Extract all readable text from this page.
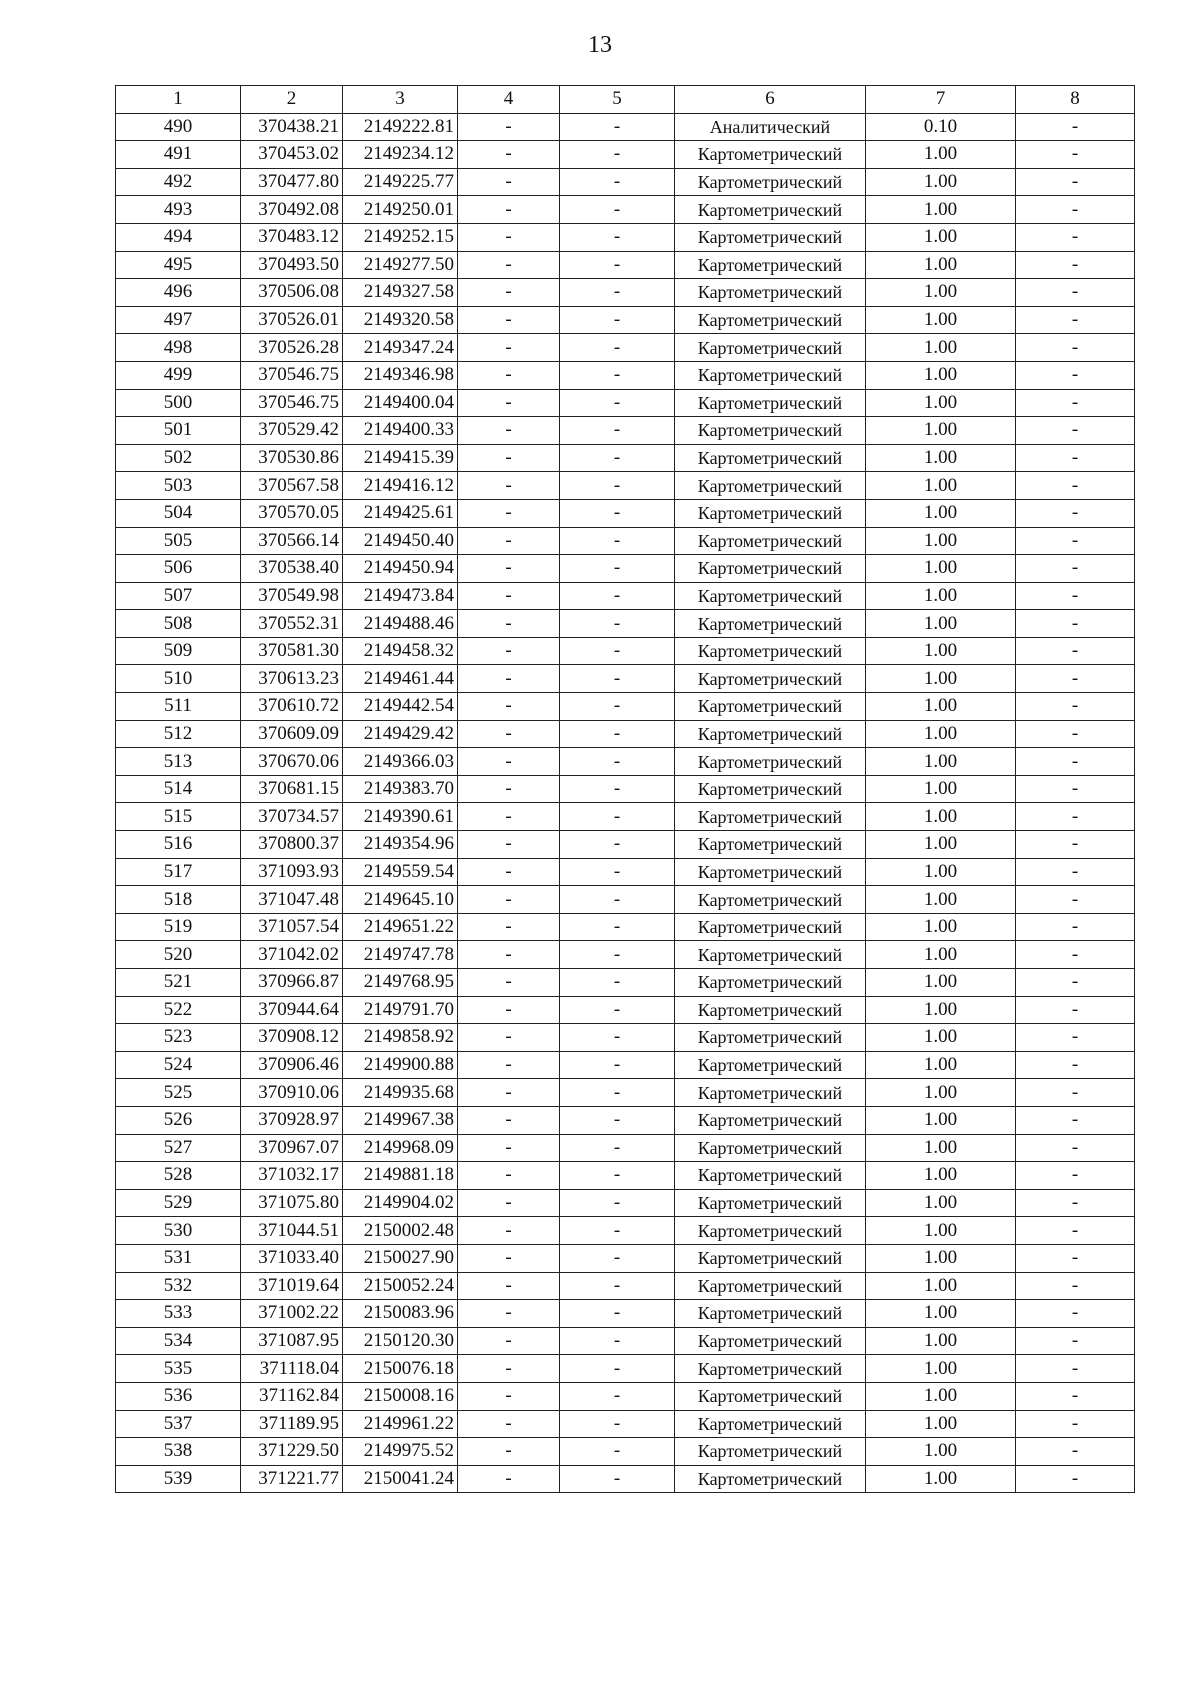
13
1	2	3	4	5	6	7	8
490	370438.21	2149222.81	-	-	Аналитический	0.10	-
491	370453.02	2149234.12	-	-	Картометрический	1.00	-
492	370477.80	2149225.77	-	-	Картометрический	1.00	-
493	370492.08	2149250.01	-	-	Картометрический	1.00	-
494	370483.12	2149252.15	-	-	Картометрический	1.00	-
495	370493.50	2149277.50	-	-	Картометрический	1.00	-
496	370506.08	2149327.58	-	-	Картометрический	1.00	-
497	370526.01	2149320.58	-	-	Картометрический	1.00	-
498	370526.28	2149347.24	-	-	Картометрический	1.00	-
499	370546.75	2149346.98	-	-	Картометрический	1.00	-
500	370546.75	2149400.04	-	-	Картометрический	1.00	-
501	370529.42	2149400.33	-	-	Картометрический	1.00	-
502	370530.86	2149415.39	-	-	Картометрический	1.00	-
503	370567.58	2149416.12	-	-	Картометрический	1.00	-
504	370570.05	2149425.61	-	-	Картометрический	1.00	-
505	370566.14	2149450.40	-	-	Картометрический	1.00	-
506	370538.40	2149450.94	-	-	Картометрический	1.00	-
507	370549.98	2149473.84	-	-	Картометрический	1.00	-
508	370552.31	2149488.46	-	-	Картометрический	1.00	-
509	370581.30	2149458.32	-	-	Картометрический	1.00	-
510	370613.23	2149461.44	-	-	Картометрический	1.00	-
511	370610.72	2149442.54	-	-	Картометрический	1.00	-
512	370609.09	2149429.42	-	-	Картометрический	1.00	-
513	370670.06	2149366.03	-	-	Картометрический	1.00	-
514	370681.15	2149383.70	-	-	Картометрический	1.00	-
515	370734.57	2149390.61	-	-	Картометрический	1.00	-
516	370800.37	2149354.96	-	-	Картометрический	1.00	-
517	371093.93	2149559.54	-	-	Картометрический	1.00	-
518	371047.48	2149645.10	-	-	Картометрический	1.00	-
519	371057.54	2149651.22	-	-	Картометрический	1.00	-
520	371042.02	2149747.78	-	-	Картометрический	1.00	-
521	370966.87	2149768.95	-	-	Картометрический	1.00	-
522	370944.64	2149791.70	-	-	Картометрический	1.00	-
523	370908.12	2149858.92	-	-	Картометрический	1.00	-
524	370906.46	2149900.88	-	-	Картометрический	1.00	-
525	370910.06	2149935.68	-	-	Картометрический	1.00	-
526	370928.97	2149967.38	-	-	Картометрический	1.00	-
527	370967.07	2149968.09	-	-	Картометрический	1.00	-
528	371032.17	2149881.18	-	-	Картометрический	1.00	-
529	371075.80	2149904.02	-	-	Картометрический	1.00	-
530	371044.51	2150002.48	-	-	Картометрический	1.00	-
531	371033.40	2150027.90	-	-	Картометрический	1.00	-
532	371019.64	2150052.24	-	-	Картометрический	1.00	-
533	371002.22	2150083.96	-	-	Картометрический	1.00	-
534	371087.95	2150120.30	-	-	Картометрический	1.00	-
535	371118.04	2150076.18	-	-	Картометрический	1.00	-
536	371162.84	2150008.16	-	-	Картометрический	1.00	-
537	371189.95	2149961.22	-	-	Картометрический	1.00	-
538	371229.50	2149975.52	-	-	Картометрический	1.00	-
539	371221.77	2150041.24	-	-	Картометрический	1.00	-
